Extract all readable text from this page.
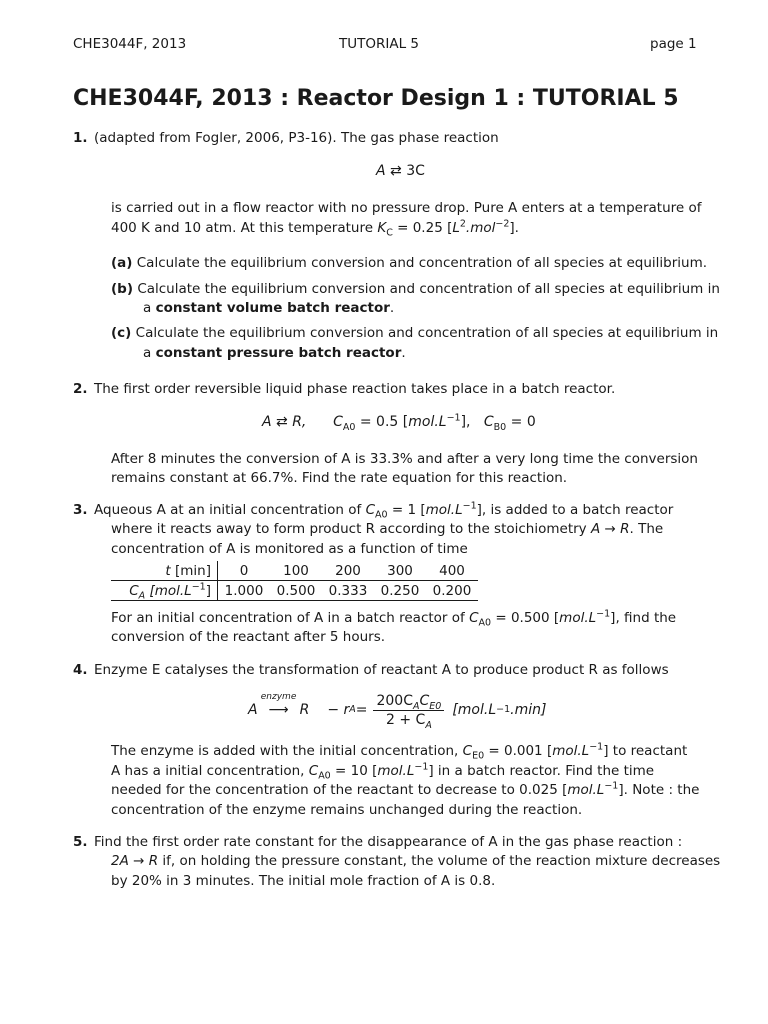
CHE3044F, 2013	TUTORIAL 5	page 1
CHE3044F, 2013 : Reactor Design 1 : TUTORIAL 5
1. (adapted from Fogler, 2006, P3-16). The gas phase reaction
A ⇄ 3C
is carried out in a flow reactor with no pressure drop. Pure A enters at a temperature of
400 K and 10 atm. At this temperature $K_C = 0.25$ $[L^2.mol^{-2}]$.
(a) Calculate the equilibrium conversion and concentration of all species at equilibrium.
(b) Calculate the equilibrium conversion and concentration of all species at equilibrium in
a constant volume batch reactor.
(c) Calculate the equilibrium conversion and concentration of all species at equilibrium in
a constant pressure batch reactor.
2. The first order reversible liquid phase reaction takes place in a batch reactor.
A ⇄ R, $C_{A0} = 0.5$ $[mol.L^{-1}]$, $C_{B0} = 0$
After 8 minutes the conversion of A is 33.3% and after a very long time the conversion
remains constant at 66.7%. Find the rate equation for this reaction.
3. Aqueous A at an initial concentration of $C_{A0} = 1$ $[mol.L^{-1}]$, is added to a batch reactor
where it reacts away to form product R according to the stoichiometry A → R. The
concentration of A is monitored as a function of time
t [min]	0	100	200	300	400
$C_A$ $[mol.L^{-1}]$	1.000	0.500	0.333	0.250	0.200
For an initial concentration of A in a batch reactor of $C_{A0} = 0.500$ $[mol.L^{-1}]$, find the
conversion of the reactant after 5 hours.
4. Enzyme E catalyses the transformation of reactant A to produce product R as follows
A
enzyme
⟶ R − r $A = \frac{200C_AC_{E0}}{2 + C_A} [mol.L -1$ .min]
The enzyme is added with the initial concentration, $C_{E0} = 0.001$ $[mol.L^{-1}]$ to reactant
A has a initial concentration, $C_{A0} = 10$ $[mol.L^{-1}]$ in a batch reactor. Find the time
needed for the concentration of the reactant to decrease to 0.025 $[mol.L^{-1}]$. Note : the
concentration of the enzyme remains unchanged during the reaction.
5. Find the first order rate constant for the disappearance of A in the gas phase reaction :
2A → R if, on holding the pressure constant, the volume of the reaction mixture decreases
by 20% in 3 minutes. The initial mole fraction of A is 0.8.
